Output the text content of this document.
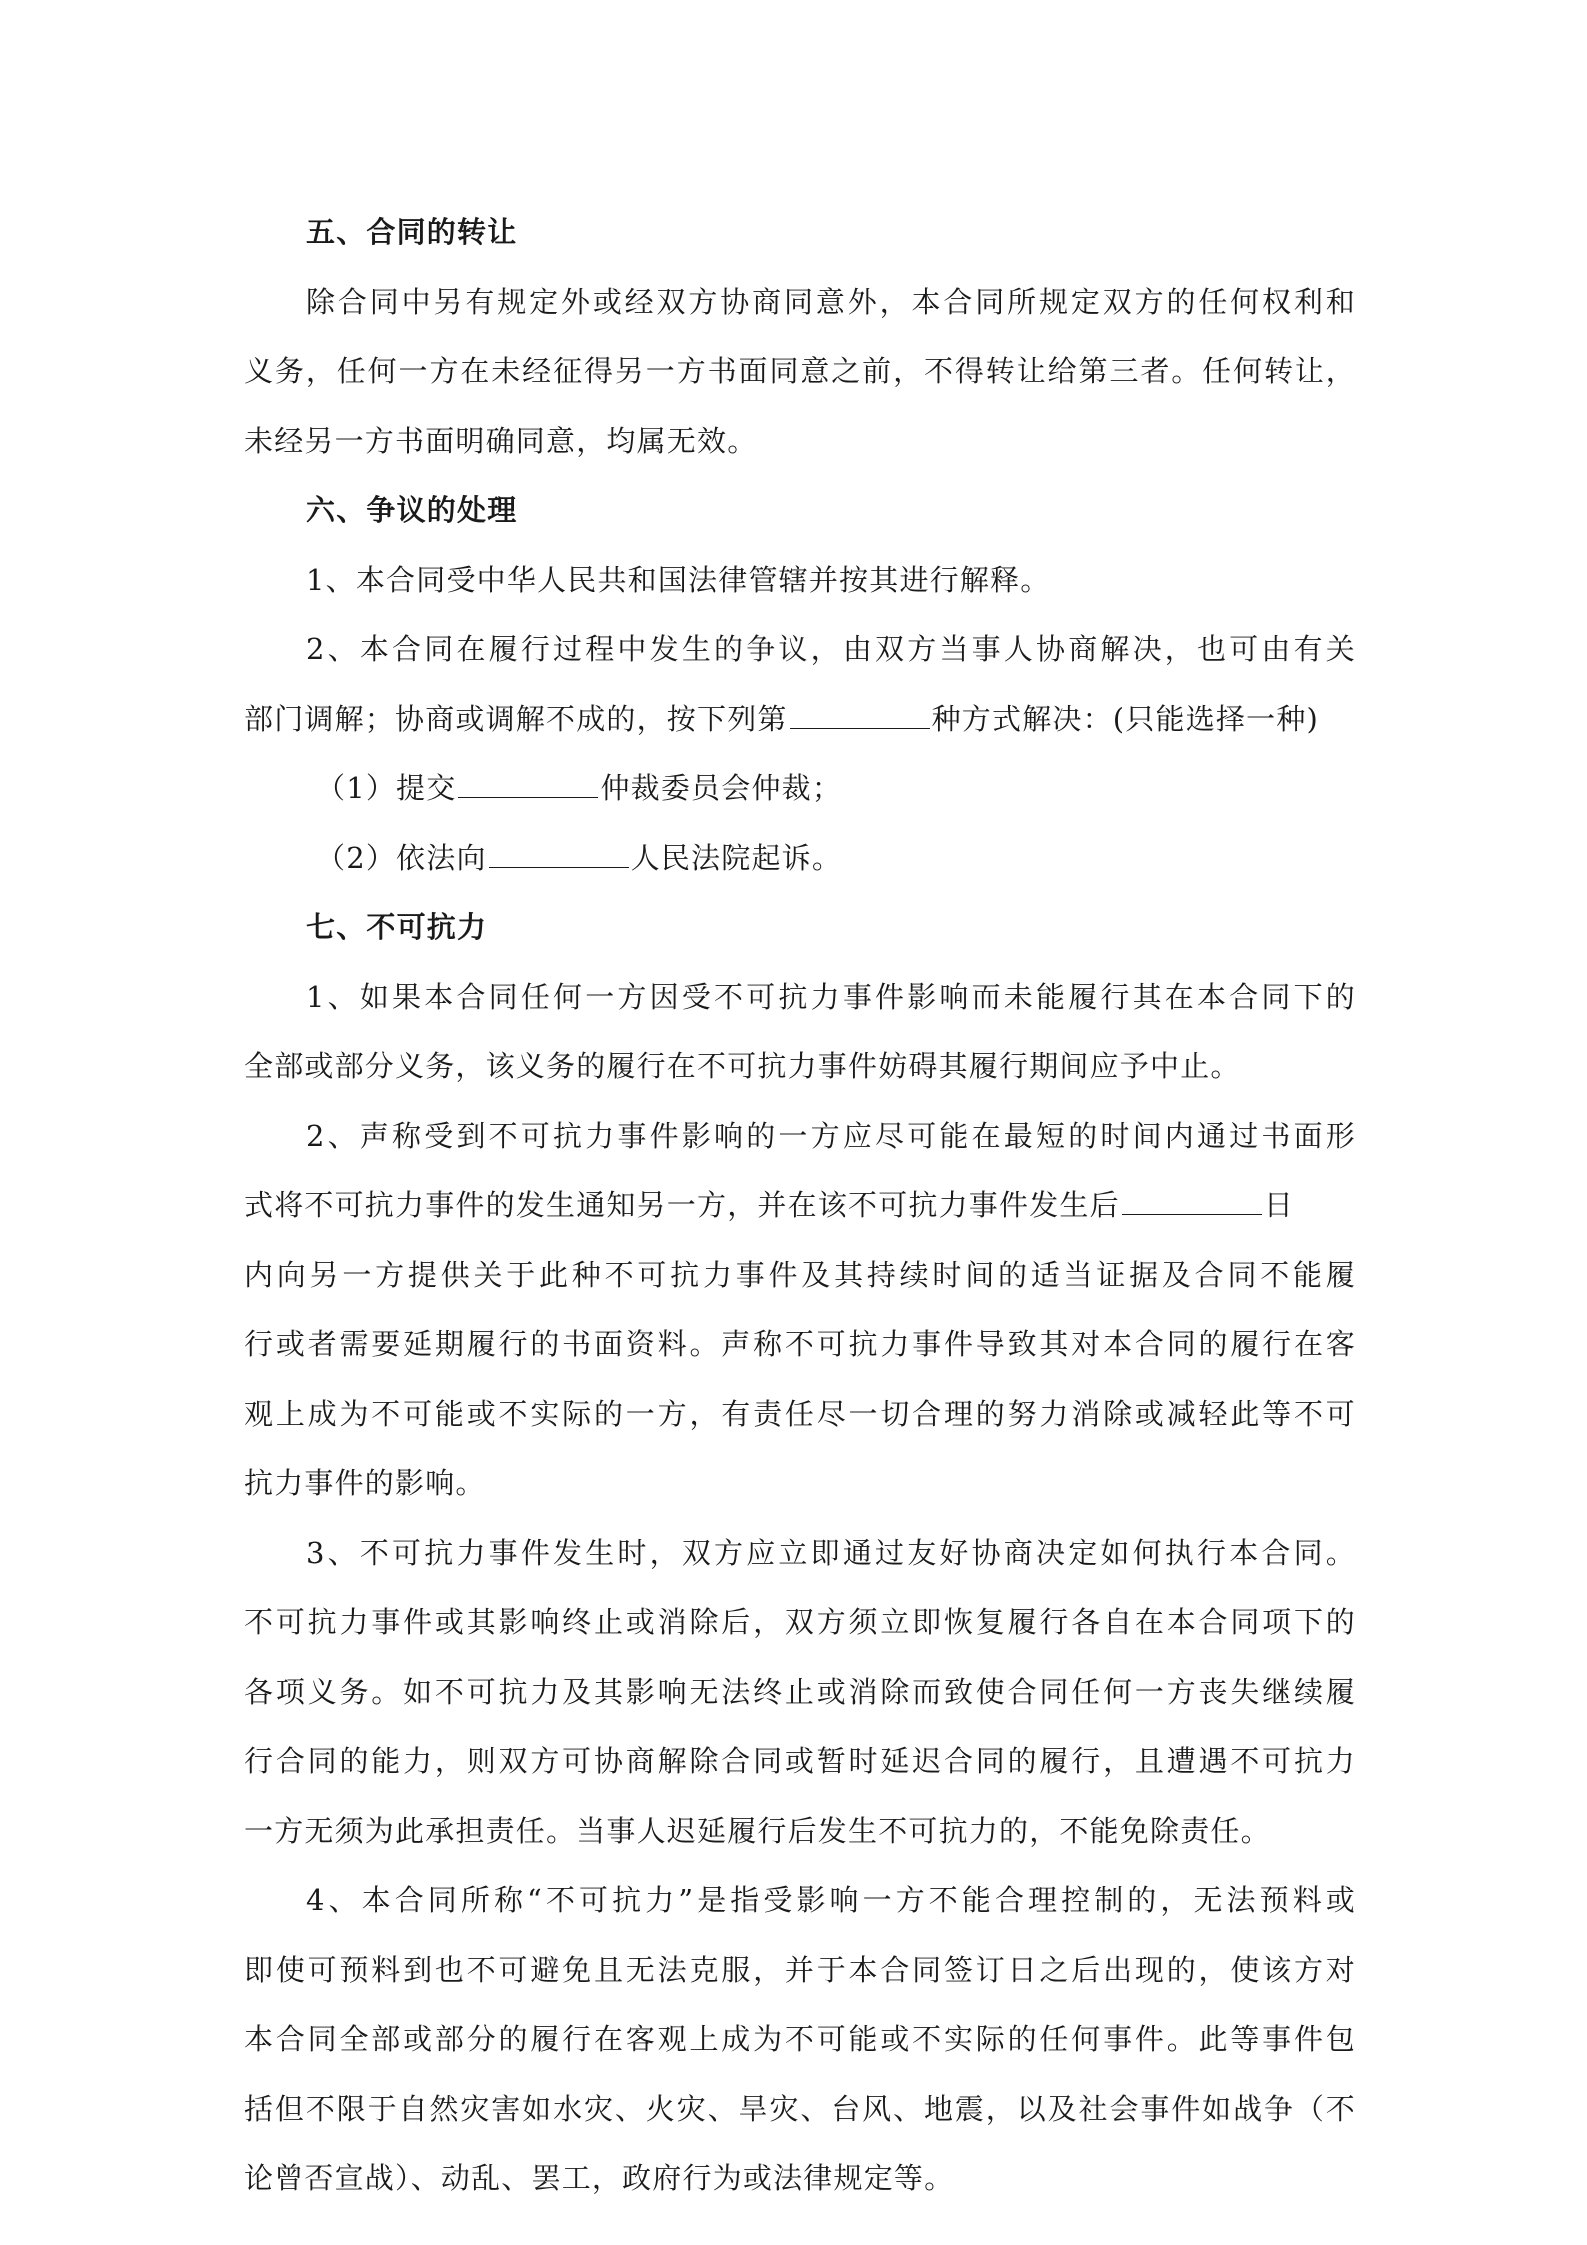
五、合同的转让
除合同中另有规定外或经双方协商同意外，本合同所规定双方的任何权利和
义务，任何一方在未经征得另一方书面同意之前，不得转让给第三者。任何转让，
未经另一方书面明确同意，均属无效。
六、争议的处理
1、本合同受中华人民共和国法律管辖并按其进行解释。
2、本合同在履行过程中发生的争议，由双方当事人协商解决，也可由有关
部门调解；协商或调解不成的，按下列第	种方式解决：(只能选择一种)
（1）提交	仲裁委员会仲裁；
（2）依法向	人民法院起诉。
七、不可抗力
1、如果本合同任何一方因受不可抗力事件影响而未能履行其在本合同下的
全部或部分义务，该义务的履行在不可抗力事件妨碍其履行期间应予中止。
2、声称受到不可抗力事件影响的一方应尽可能在最短的时间内通过书面形
式将不可抗力事件的发生通知另一方，并在该不可抗力事件发生后	日
内向另一方提供关于此种不可抗力事件及其持续时间的适当证据及合同不能履
行或者需要延期履行的书面资料。声称不可抗力事件导致其对本合同的履行在客
观上成为不可能或不实际的一方，有责任尽一切合理的努力消除或减轻此等不可
抗力事件的影响。
3、不可抗力事件发生时，双方应立即通过友好协商决定如何执行本合同。
不可抗力事件或其影响终止或消除后，双方须立即恢复履行各自在本合同项下的
各项义务。如不可抗力及其影响无法终止或消除而致使合同任何一方丧失继续履
行合同的能力，则双方可协商解除合同或暂时延迟合同的履行，且遭遇不可抗力
一方无须为此承担责任。当事人迟延履行后发生不可抗力的，不能免除责任。
4、本合同所称“不可抗力”是指受影响一方不能合理控制的，无法预料或
即使可预料到也不可避免且无法克服，并于本合同签订日之后出现的，使该方对
本合同全部或部分的履行在客观上成为不可能或不实际的任何事件。此等事件包
括但不限于自然灾害如水灾、火灾、旱灾、台风、地震，以及社会事件如战争（不
论曾否宣战）、动乱、罢工，政府行为或法律规定等。
